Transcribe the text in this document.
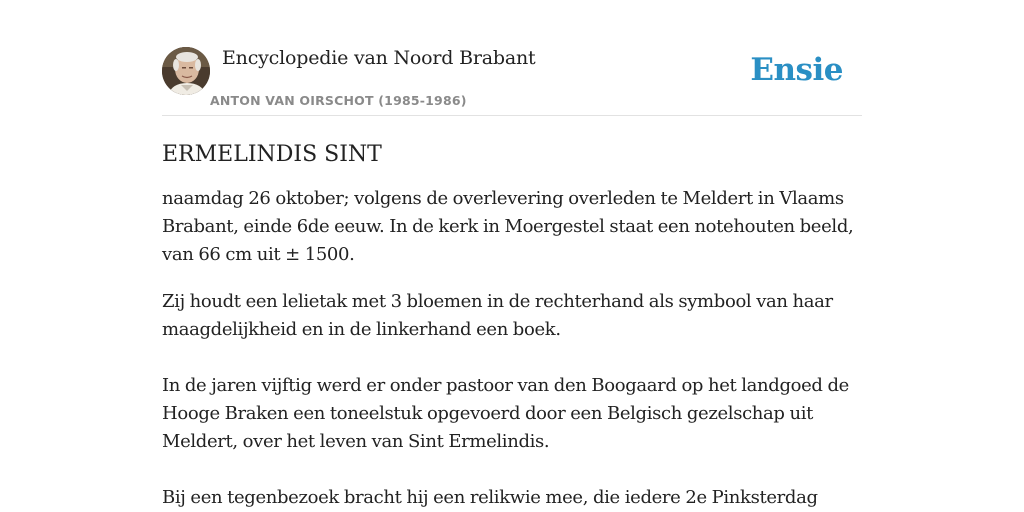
Encyclopedie van Noord Brabant
ANTON VAN OIRSCHOT (1985-1986)
Ensie
ERMELINDIS SINT

naamdag 26 oktober; volgens de overlevering overleden te Meldert in Vlaams Brabant, einde 6de eeuw. In de kerk in Moergestel staat een notehouten beeld, van 66 cm uit ± 1500.

Zij houdt een lelietak met 3 bloemen in de rechterhand als symbool van haar maagdelijkheid en in de linkerhand een boek.

In de jaren vijftig werd er onder pastoor van den Boogaard op het landgoed de Hooge Braken een toneelstuk opgevoerd door een Belgisch gezelschap uit Meldert, over het leven van Sint Ermelindis.

Bij een tegenbezoek bracht hij een relikwie mee, die iedere 2e Pinksterdag
